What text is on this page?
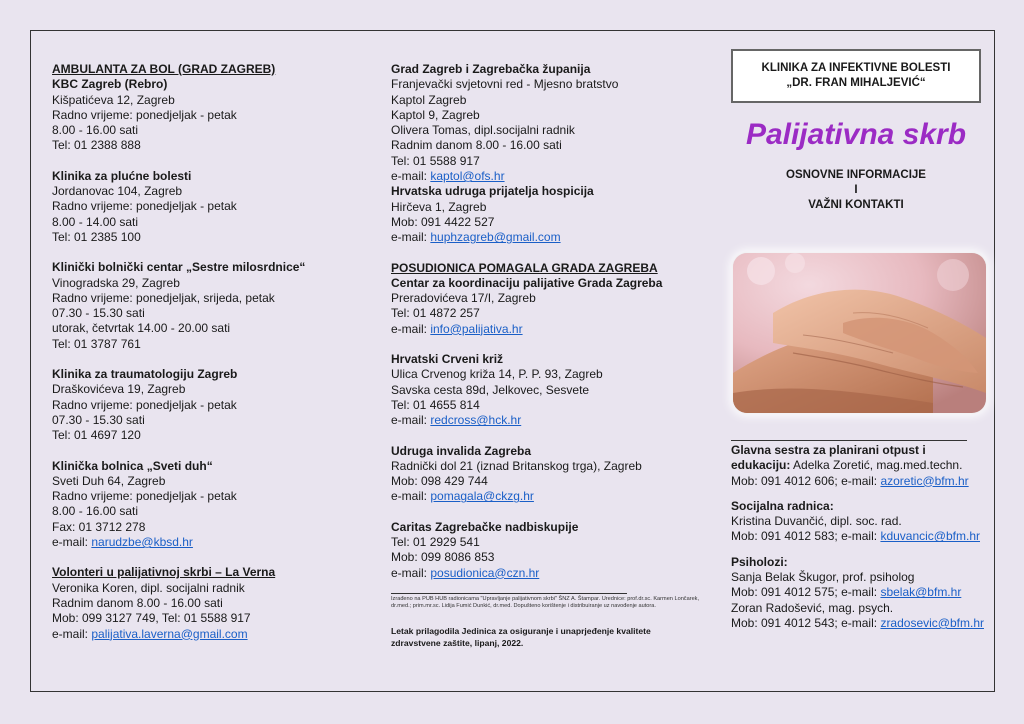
AMBULANTA ZA BOL (GRAD ZAGREB)
KBC Zagreb (Rebro)
Kišpatićeva 12, Zagreb
Radno vrijeme: ponedjeljak - petak
8.00 - 16.00 sati
Tel: 01 2388 888
Klinika za plućne bolesti
Jordanovac 104, Zagreb
Radno vrijeme: ponedjeljak - petak
8.00 - 14.00 sati
Tel: 01 2385 100
Klinički bolnički centar „Sestre milosrdnice“
Vinogradska 29, Zagreb
Radno vrijeme: ponedjeljak, srijeda, petak
07.30 - 15.30 sati
utorak, četvrtak 14.00 - 20.00 sati
Tel: 01 3787 761
Klinika za traumatologiju Zagreb
Draškovićeva 19, Zagreb
Radno vrijeme: ponedjeljak - petak
07.30 - 15.30 sati
Tel: 01 4697 120
Klinička bolnica „Sveti duh“
Sveti Duh 64, Zagreb
Radno vrijeme: ponedjeljak - petak
8.00 - 16.00 sati
Fax: 01 3712 278
e-mail: narudzbe@kbsd.hr
Volonteri u palijativnoj skrbi – La Verna
Veronika Koren, dipl. socijalni radnik
Radnim danom 8.00 - 16.00 sati
Mob: 099 3127 749, Tel: 01 5588 917
e-mail: palijativa.laverna@gmail.com
Grad Zagreb i Zagrebačka županija
Franjevački svjetovni red - Mjesno bratstvo
Kaptol Zagreb
Kaptol 9, Zagreb
Olivera Tomas, dipl.socijalni radnik
Radnim danom 8.00 - 16.00 sati
Tel: 01 5588 917
e-mail: kaptol@ofs.hr
Hrvatska udruga prijatelja hospicija
Hirčeva 1, Zagreb
Mob: 091 4422 527
e-mail: huphzagreb@gmail.com
POSUDIONICA POMAGALA GRADA ZAGREBA
Centar za koordinaciju palijative Grada Zagreba
Preradovićeva 17/I, Zagreb
Tel: 01 4872 257
e-mail: info@palijativa.hr
Hrvatski Crveni križ
Ulica Crvenog križa 14, P. P. 93, Zagreb
Savska cesta 89d, Jelkovec, Sesvete
Tel: 01 4655 814
e-mail: redcross@hck.hr
Udruga invalida Zagreba
Radnički dol 21 (iznad Britanskog trga), Zagreb
Mob: 098 429 744
e-mail: pomagala@ckzg.hr
Caritas Zagrebačke nadbiskupije
Tel: 01 2929 541
Mob: 099 8086 853
e-mail: posudionica@czn.hr
Izrađeno na PUB HUB radionicama "Upravljanje palijativnom skrbi" ŠNZ A. Štampar. Urednice: prof.dr.sc. Karmen Lončarek, dr.med.; prim.mr.sc. Lidija Fumić Dunkić, dr.med. Dopušteno korištenje i distribuiranje uz navođenje autora.
Letak prilagodila Jedinica za osiguranje i unaprjeđenje kvalitete zdravstvene zaštite, lipanj, 2022.
KLINIKA ZA INFEKTIVNE BOLESTI
„DR. FRAN MIHALJEVIĆ“
Palijativna skrb
OSNOVNE INFORMACIJE
I
VAŽNI KONTAKTI
Glavna sestra za planirani otpust i
edukaciju: Adelka Zoretić, mag.med.techn.
Mob: 091 4012 606; e-mail: azoretic@bfm.hr
Socijalna radnica:
Kristina Duvančić, dipl. soc. rad.
Mob: 091 4012 583; e-mail: kduvancic@bfm.hr
Psiholozi:
Sanja Belak Škugor, prof. psiholog
Mob: 091 4012 575; e-mail: sbelak@bfm.hr
Zoran Radošević, mag. psych.
Mob: 091 4012 543; e-mail: zradosevic@bfm.hr
